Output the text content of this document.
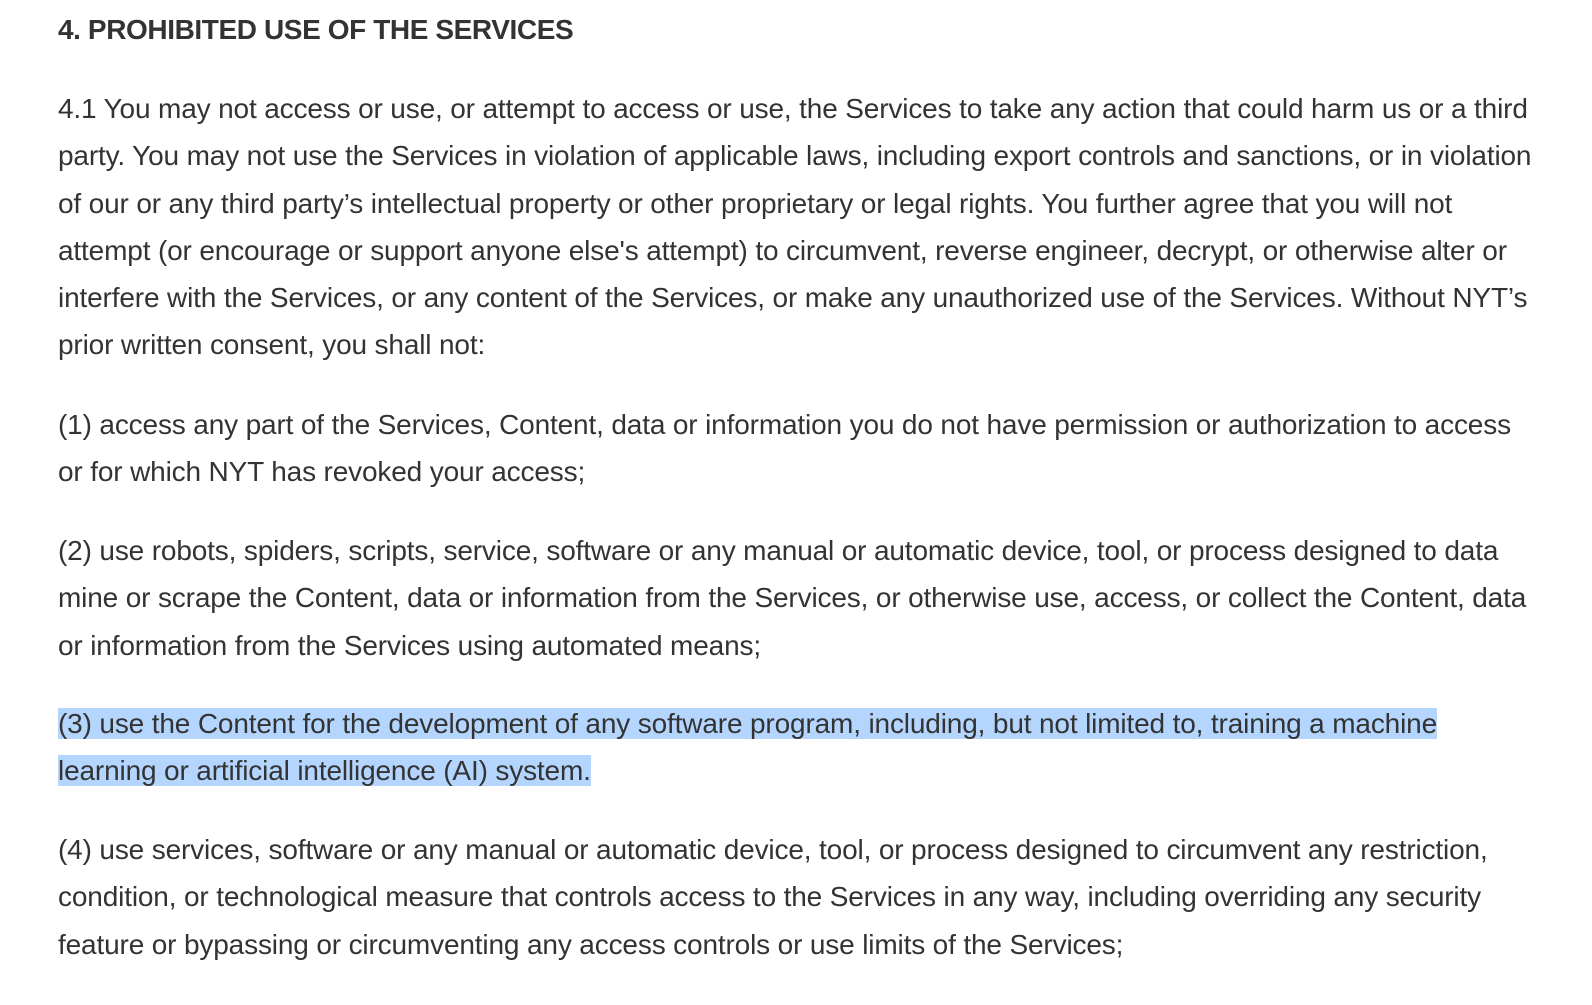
4. PROHIBITED USE OF THE SERVICES

4.1 You may not access or use, or attempt to access or use, the Services to take any action that could harm us or a third party. You may not use the Services in violation of applicable laws, including export controls and sanctions, or in violation of our or any third party’s intellectual property or other proprietary or legal rights. You further agree that you will not attempt (or encourage or support anyone else's attempt) to circumvent, reverse engineer, decrypt, or otherwise alter or interfere with the Services, or any content of the Services, or make any unauthorized use of the Services. Without NYT’s prior written consent, you shall not:

(1) access any part of the Services, Content, data or information you do not have permission or authorization to access or for which NYT has revoked your access;

(2) use robots, spiders, scripts, service, software or any manual or automatic device, tool, or process designed to data mine or scrape the Content, data or information from the Services, or otherwise use, access, or collect the Content, data or information from the Services using automated means;

(3) use the Content for the development of any software program, including, but not limited to, training a machine learning or artificial intelligence (AI) system.

(4) use services, software or any manual or automatic device, tool, or process designed to circumvent any restriction, condition, or technological measure that controls access to the Services in any way, including overriding any security feature or bypassing or circumventing any access controls or use limits of the Services;
